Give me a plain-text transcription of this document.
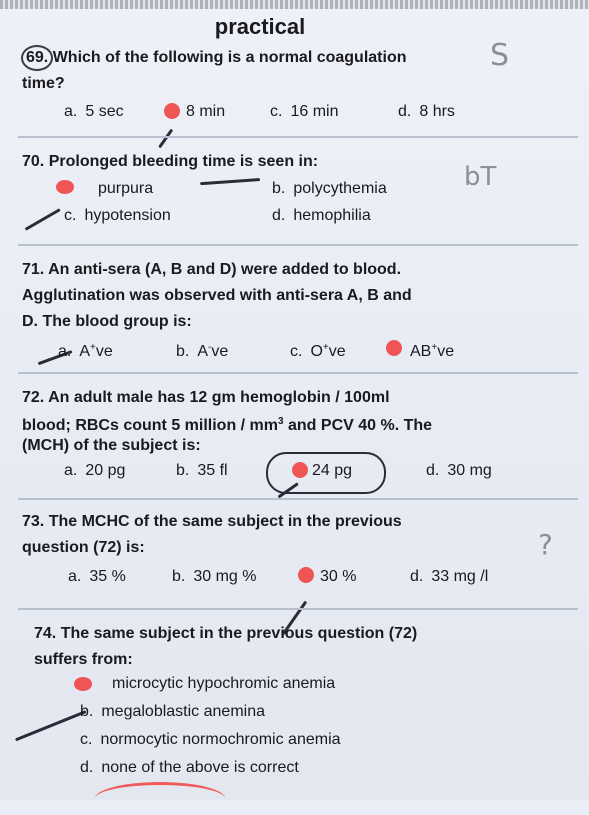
practical
69. Which of the following is a normal coagulation
time?
a. 5 sec	8 min	c. 16 min	d. 8 hrs
S
70. Prolonged bleeding time is seen in:
purpura	b. polycythemia
c. hypotension	d. hemophilia
bT
71. An anti-sera (A, B and D) were added to blood.
Agglutination was observed with anti-sera A, B and
D. The blood group is:
a. A+ve	b. A-ve	c. O+ve	AB+ve
72. An adult male has 12 gm hemoglobin / 100ml
blood; RBCs count 5 million / $mm^3$ and PCV 40 %. The
(MCH) of the subject is:
a. 20 pg	b. 35 fl	24 pg	d. 30 mg
73. The MCHC of the same subject in the previous
question (72) is:
a. 35 %	b. 30 mg %	30 %	d. 33 mg /l
?
74. The same subject in the previous question (72)
suffers from:
microcytic hypochromic anemia
b. megaloblastic anemina
c. normocytic normochromic anemia
d. none of the above is correct
